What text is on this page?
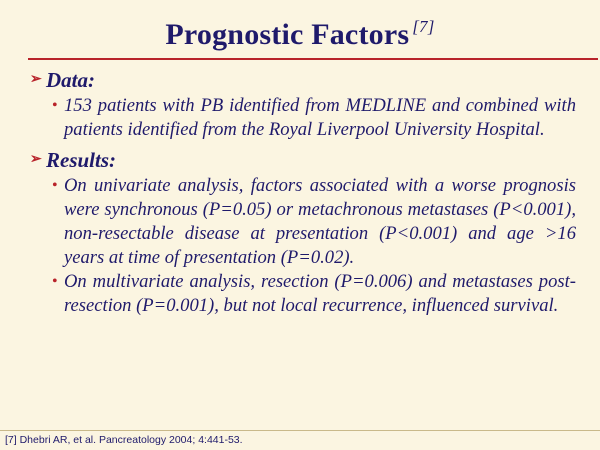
Prognostic Factors [7]
➢ Data:
• 153 patients with PB identified from MEDLINE and combined with patients identified from the Royal Liverpool University Hospital.
➢ Results:
• On univariate analysis, factors associated with a worse prognosis were synchronous (P=0.05) or metachronous metastases (P<0.001), non-resectable disease at presentation (P<0.001) and age >16 years at time of presentation (P=0.02).
• On multivariate analysis, resection (P=0.006) and metastases post-resection (P=0.001), but not local recurrence, influenced survival.
[7] Dhebri AR, et al. Pancreatology 2004; 4:441-53.
